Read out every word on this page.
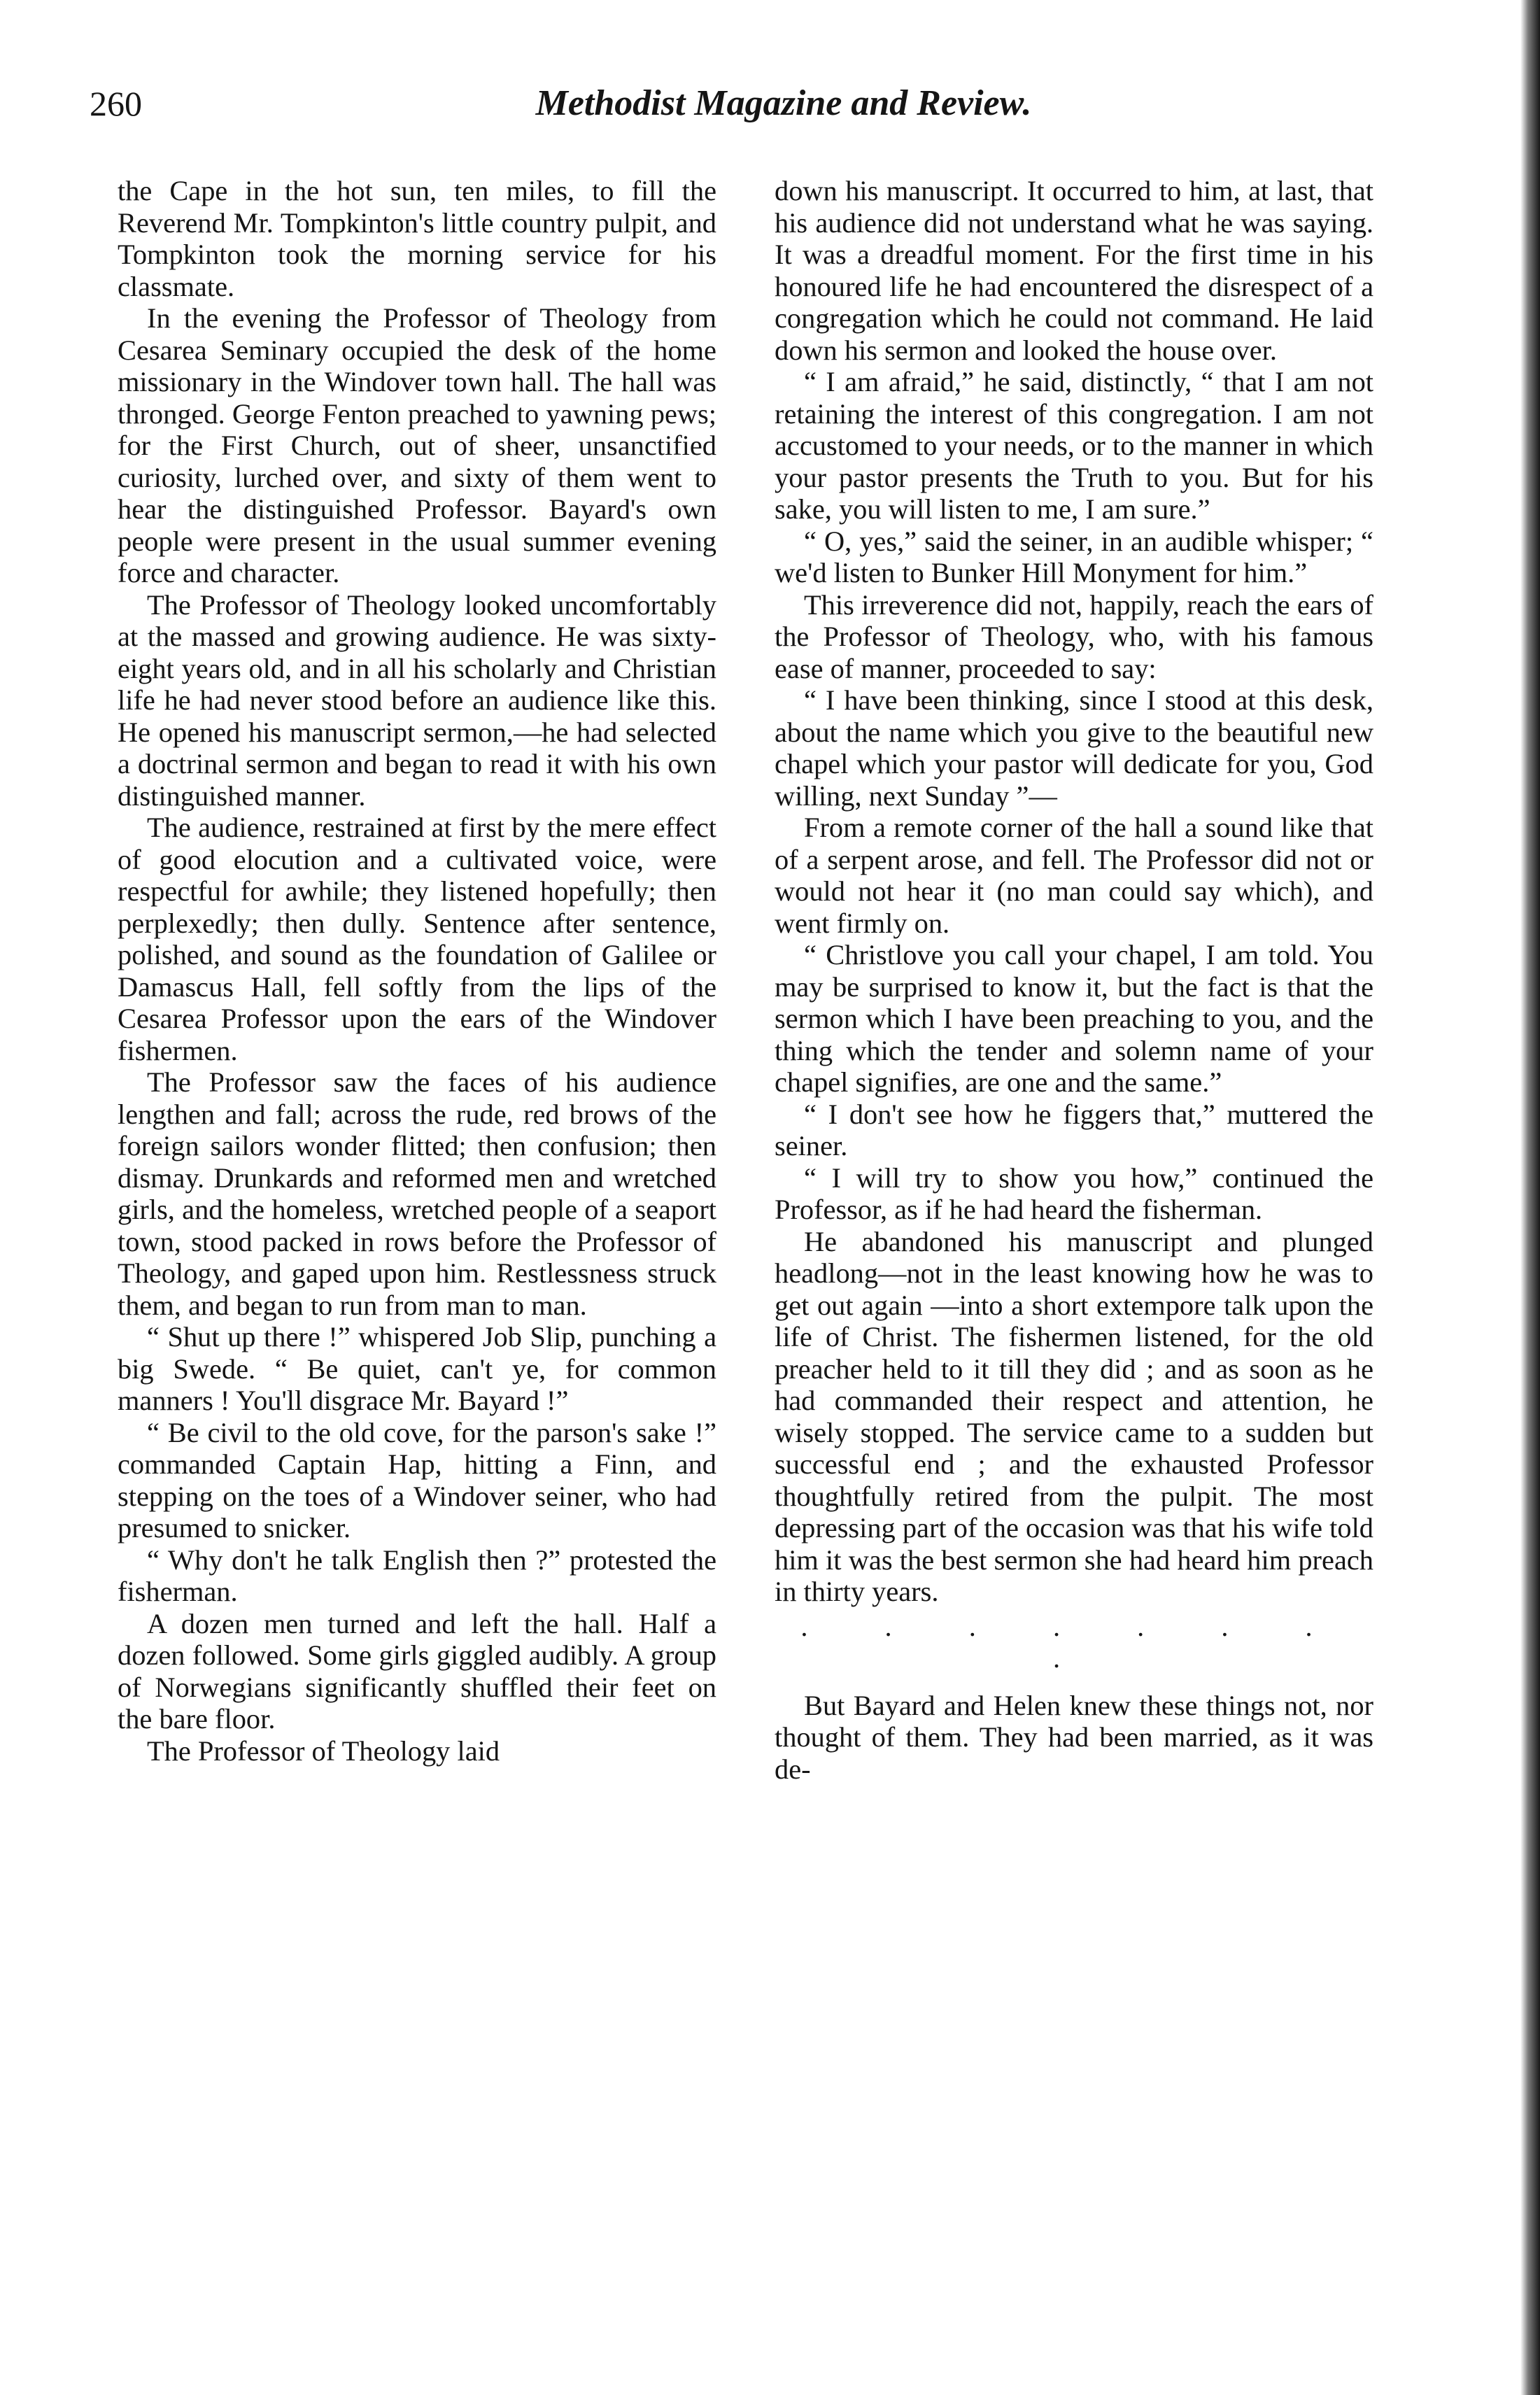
260	Methodist Magazine and Review.

the Cape in the hot sun, ten miles, to fill the Reverend Mr. Tompkinton's little country pulpit, and Tompkinton took the morning service for his classmate.

In the evening the Professor of Theology from Cesarea Seminary occupied the desk of the home missionary in the Windover town hall. The hall was thronged. George Fenton preached to yawning pews; for the First Church, out of sheer, unsanctified curiosity, lurched over, and sixty of them went to hear the distinguished Professor. Bayard's own people were present in the usual summer evening force and character.

The Professor of Theology looked uncomfortably at the massed and growing audience. He was sixty-eight years old, and in all his scholarly and Christian life he had never stood before an audience like this. He opened his manuscript sermon,—he had selected a doctrinal sermon and began to read it with his own distinguished manner.

The audience, restrained at first by the mere effect of good elocution and a cultivated voice, were respectful for awhile; they listened hopefully; then perplexedly; then dully. Sentence after sentence, polished, and sound as the foundation of Galilee or Damascus Hall, fell softly from the lips of the Cesarea Professor upon the ears of the Windover fishermen.

The Professor saw the faces of his audience lengthen and fall; across the rude, red brows of the foreign sailors wonder flitted; then confusion; then dismay. Drunkards and reformed men and wretched girls, and the homeless, wretched people of a seaport town, stood packed in rows before the Professor of Theology, and gaped upon him. Restlessness struck them, and began to run from man to man.

“ Shut up there !” whispered Job Slip, punching a big Swede. “ Be quiet, can't ye, for common manners ! You'll disgrace Mr. Bayard !”

“ Be civil to the old cove, for the parson's sake !” commanded Captain Hap, hitting a Finn, and stepping on the toes of a Windover seiner, who had presumed to snicker.

“ Why don't he talk English then ?” protested the fisherman.

A dozen men turned and left the hall. Half a dozen followed. Some girls giggled audibly. A group of Norwegians significantly shuffled their feet on the bare floor.

The Professor of Theology laid

down his manuscript. It occurred to him, at last, that his audience did not understand what he was saying. It was a dreadful moment. For the first time in his honoured life he had encountered the disrespect of a congregation which he could not command. He laid down his sermon and looked the house over.

“ I am afraid,” he said, distinctly, “ that I am not retaining the interest of this congregation. I am not accustomed to your needs, or to the manner in which your pastor presents the Truth to you. But for his sake, you will listen to me, I am sure.”

“ O, yes,” said the seiner, in an audible whisper; “ we'd listen to Bunker Hill Monyment for him.”

This irreverence did not, happily, reach the ears of the Professor of Theology, who, with his famous ease of manner, proceeded to say:

“ I have been thinking, since I stood at this desk, about the name which you give to the beautiful new chapel which your pastor will dedicate for you, God willing, next Sunday ”—

From a remote corner of the hall a sound like that of a serpent arose, and fell. The Professor did not or would not hear it (no man could say which), and went firmly on.

“ Christlove you call your chapel, I am told. You may be surprised to know it, but the fact is that the sermon which I have been preaching to you, and the thing which the tender and solemn name of your chapel signifies, are one and the same.”

“ I don't see how he figgers that,” muttered the seiner.

“ I will try to show you how,” continued the Professor, as if he had heard the fisherman.

He abandoned his manuscript and plunged headlong—not in the least knowing how he was to get out again —into a short extempore talk upon the life of Christ. The fishermen listened, for the old preacher held to it till they did ; and as soon as he had commanded their respect and attention, he wisely stopped. The service came to a sudden but successful end ; and the exhausted Professor thoughtfully retired from the pulpit. The most depressing part of the occasion was that his wife told him it was the best sermon she had heard him preach in thirty years.

. . . . . . . .

But Bayard and Helen knew these things not, nor thought of them. They had been married, as it was de-
